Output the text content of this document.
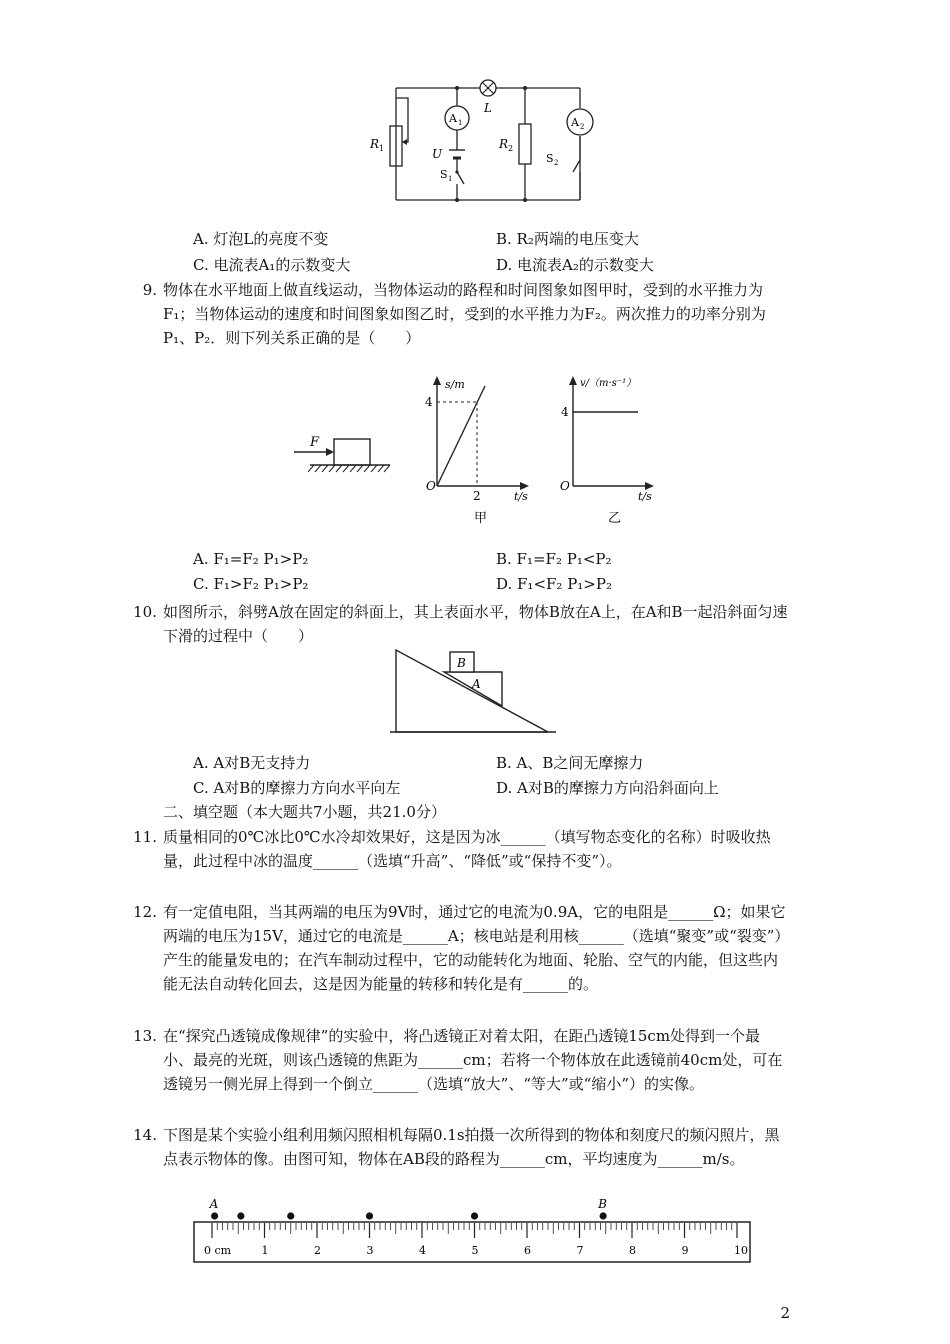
L
A 1	A 2
R 1	R 2
U
S 1
S 2
A. 灯泡L的亮度不变	B. R₂两端的电压变大
C. 电流表A₁的示数变大	D. 电流表A₂的示数变大
9. 物体在水平地面上做直线运动，当物体运动的路程和时间图象如图甲时，受到的水平推力为F₁；当物体运动的速度和时间图象如图乙时，受到的水平推力为F₂。两次推力的功率分别为P₁、P₂．则下列关系正确的是（　　）
F
s/m
4
2
O
t/s
甲
v/（m·s⁻¹）
4
O
t/s
乙
A. F₁=F₂ P₁>P₂	B. F₁=F₂ P₁<P₂
C. F₁>F₂ P₁>P₂	D. F₁<F₂ P₁>P₂
10. 如图所示，斜劈A放在固定的斜面上，其上表面水平，物体B放在A上，在A和B一起沿斜面匀速下滑的过程中（　　）
B
A
A. A对B无支持力	B. A、B之间无摩擦力
C. A对B的摩擦力方向水平向左	D. A对B的摩擦力方向沿斜面向上
二、填空题（本大题共7小题，共21.0分）
11. 质量相同的0℃冰比0℃水冷却效果好，这是因为冰______（填写物态变化的名称）时吸收热量，此过程中冰的温度______（选填“升高”、“降低”或“保持不变”）。
12. 有一定值电阻，当其两端的电压为9V时，通过它的电流为0.9A，它的电阻是______Ω；如果它两端的电压为15V，通过它的电流是______A；核电站是利用核______（选填“聚变”或“裂变”）产生的能量发电的；在汽车制动过程中，它的动能转化为地面、轮胎、空气的内能，但这些内能无法自动转化回去，这是因为能量的转移和转化是有______的。
13. 在“探究凸透镜成像规律”的实验中，将凸透镜正对着太阳，在距凸透镜15cm处得到一个最小、最亮的光斑，则该凸透镜的焦距为______cm；若将一个物体放在此透镜前40cm处，可在透镜另一侧光屏上得到一个倒立______（选填“放大”、“等大”或“缩小”）的实像。
14. 下图是某个实验小组利用频闪照相机每隔0.1s拍摄一次所得到的物体和刻度尺的频闪照片，黑点表示物体的像。由图可知，物体在AB段的路程为______cm，平均速度为______m/s。
1	2	3	4	5	6	7	8	9	10
A	B
0 cm
2
